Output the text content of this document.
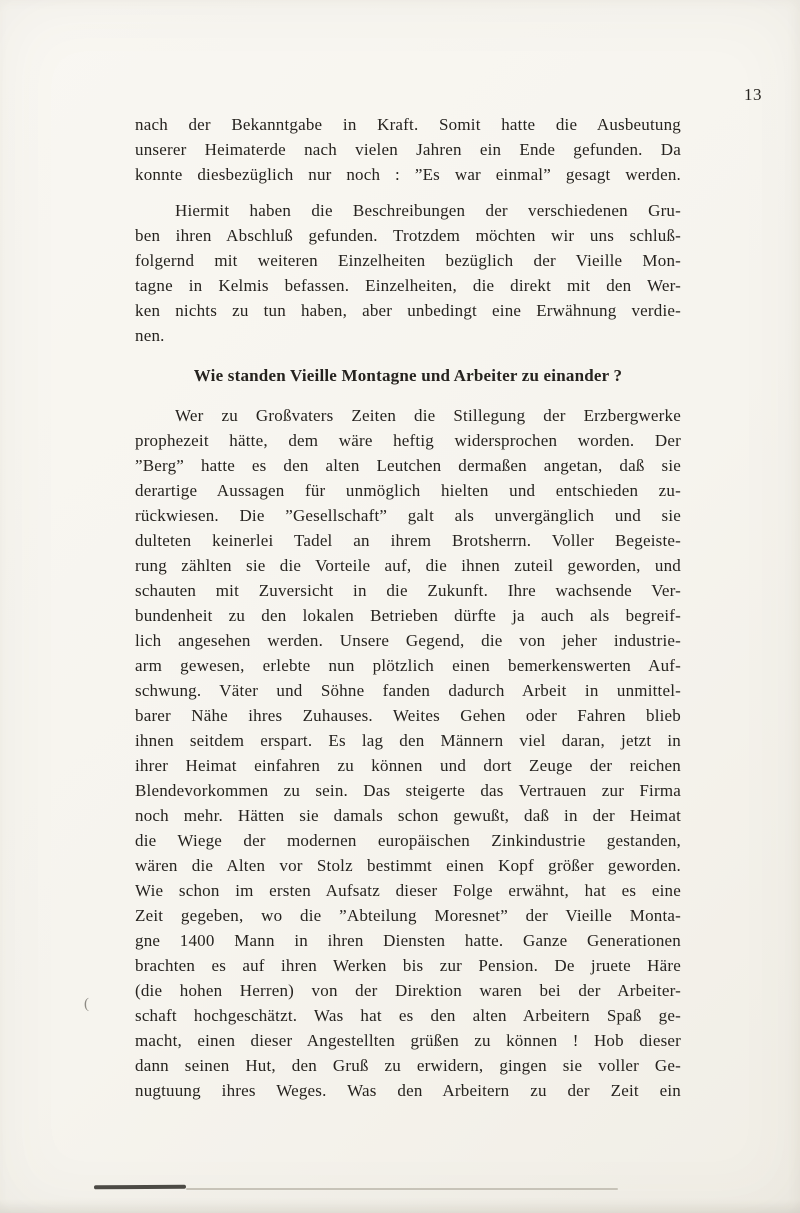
13
nach der Bekanntgabe in Kraft. Somit hatte die Ausbeutung
unserer Heimaterde nach vielen Jahren ein Ende gefunden. Da
konnte diesbezüglich nur noch : ”Es war einmal” gesagt werden.
Hiermit haben die Beschreibungen der verschiedenen Gru-
ben ihren Abschluß gefunden. Trotzdem möchten wir uns schluß-
folgernd mit weiteren Einzelheiten bezüglich der Vieille Mon-
tagne in Kelmis befassen. Einzelheiten, die direkt mit den Wer-
ken nichts zu tun haben, aber unbedingt eine Erwähnung verdie-
nen.
Wie standen Vieille Montagne und Arbeiter zu einander ?
Wer zu Großvaters Zeiten die Stillegung der Erzbergwerke
prophezeit hätte, dem wäre heftig widersprochen worden. Der
”Berg” hatte es den alten Leutchen dermaßen angetan, daß sie
derartige Aussagen für unmöglich hielten und entschieden zu-
rückwiesen. Die ”Gesellschaft” galt als unvergänglich und sie
dulteten keinerlei Tadel an ihrem Brotsherrn. Voller Begeiste-
rung zählten sie die Vorteile auf, die ihnen zuteil geworden, und
schauten mit Zuversicht in die Zukunft. Ihre wachsende Ver-
bundenheit zu den lokalen Betrieben dürfte ja auch als begreif-
lich angesehen werden. Unsere Gegend, die von jeher industrie-
arm gewesen, erlebte nun plötzlich einen bemerkenswerten Auf-
schwung. Väter und Söhne fanden dadurch Arbeit in unmittel-
barer Nähe ihres Zuhauses. Weites Gehen oder Fahren blieb
ihnen seitdem erspart. Es lag den Männern viel daran, jetzt in
ihrer Heimat einfahren zu können und dort Zeuge der reichen
Blendevorkommen zu sein. Das steigerte das Vertrauen zur Firma
noch mehr. Hätten sie damals schon gewußt, daß in der Heimat
die Wiege der modernen europäischen Zinkindustrie gestanden,
wären die Alten vor Stolz bestimmt einen Kopf größer geworden.
Wie schon im ersten Aufsatz dieser Folge erwähnt, hat es eine
Zeit gegeben, wo die ”Abteilung Moresnet” der Vieille Monta-
gne 1400 Mann in ihren Diensten hatte. Ganze Generationen
brachten es auf ihren Werken bis zur Pension. De jruete Häre
(die hohen Herren) von der Direktion waren bei der Arbeiter-
schaft hochgeschätzt. Was hat es den alten Arbeitern Spaß ge-
macht, einen dieser Angestellten grüßen zu können ! Hob dieser
dann seinen Hut, den Gruß zu erwidern, gingen sie voller Ge-
nugtuung ihres Weges. Was den Arbeitern zu der Zeit ein
(
